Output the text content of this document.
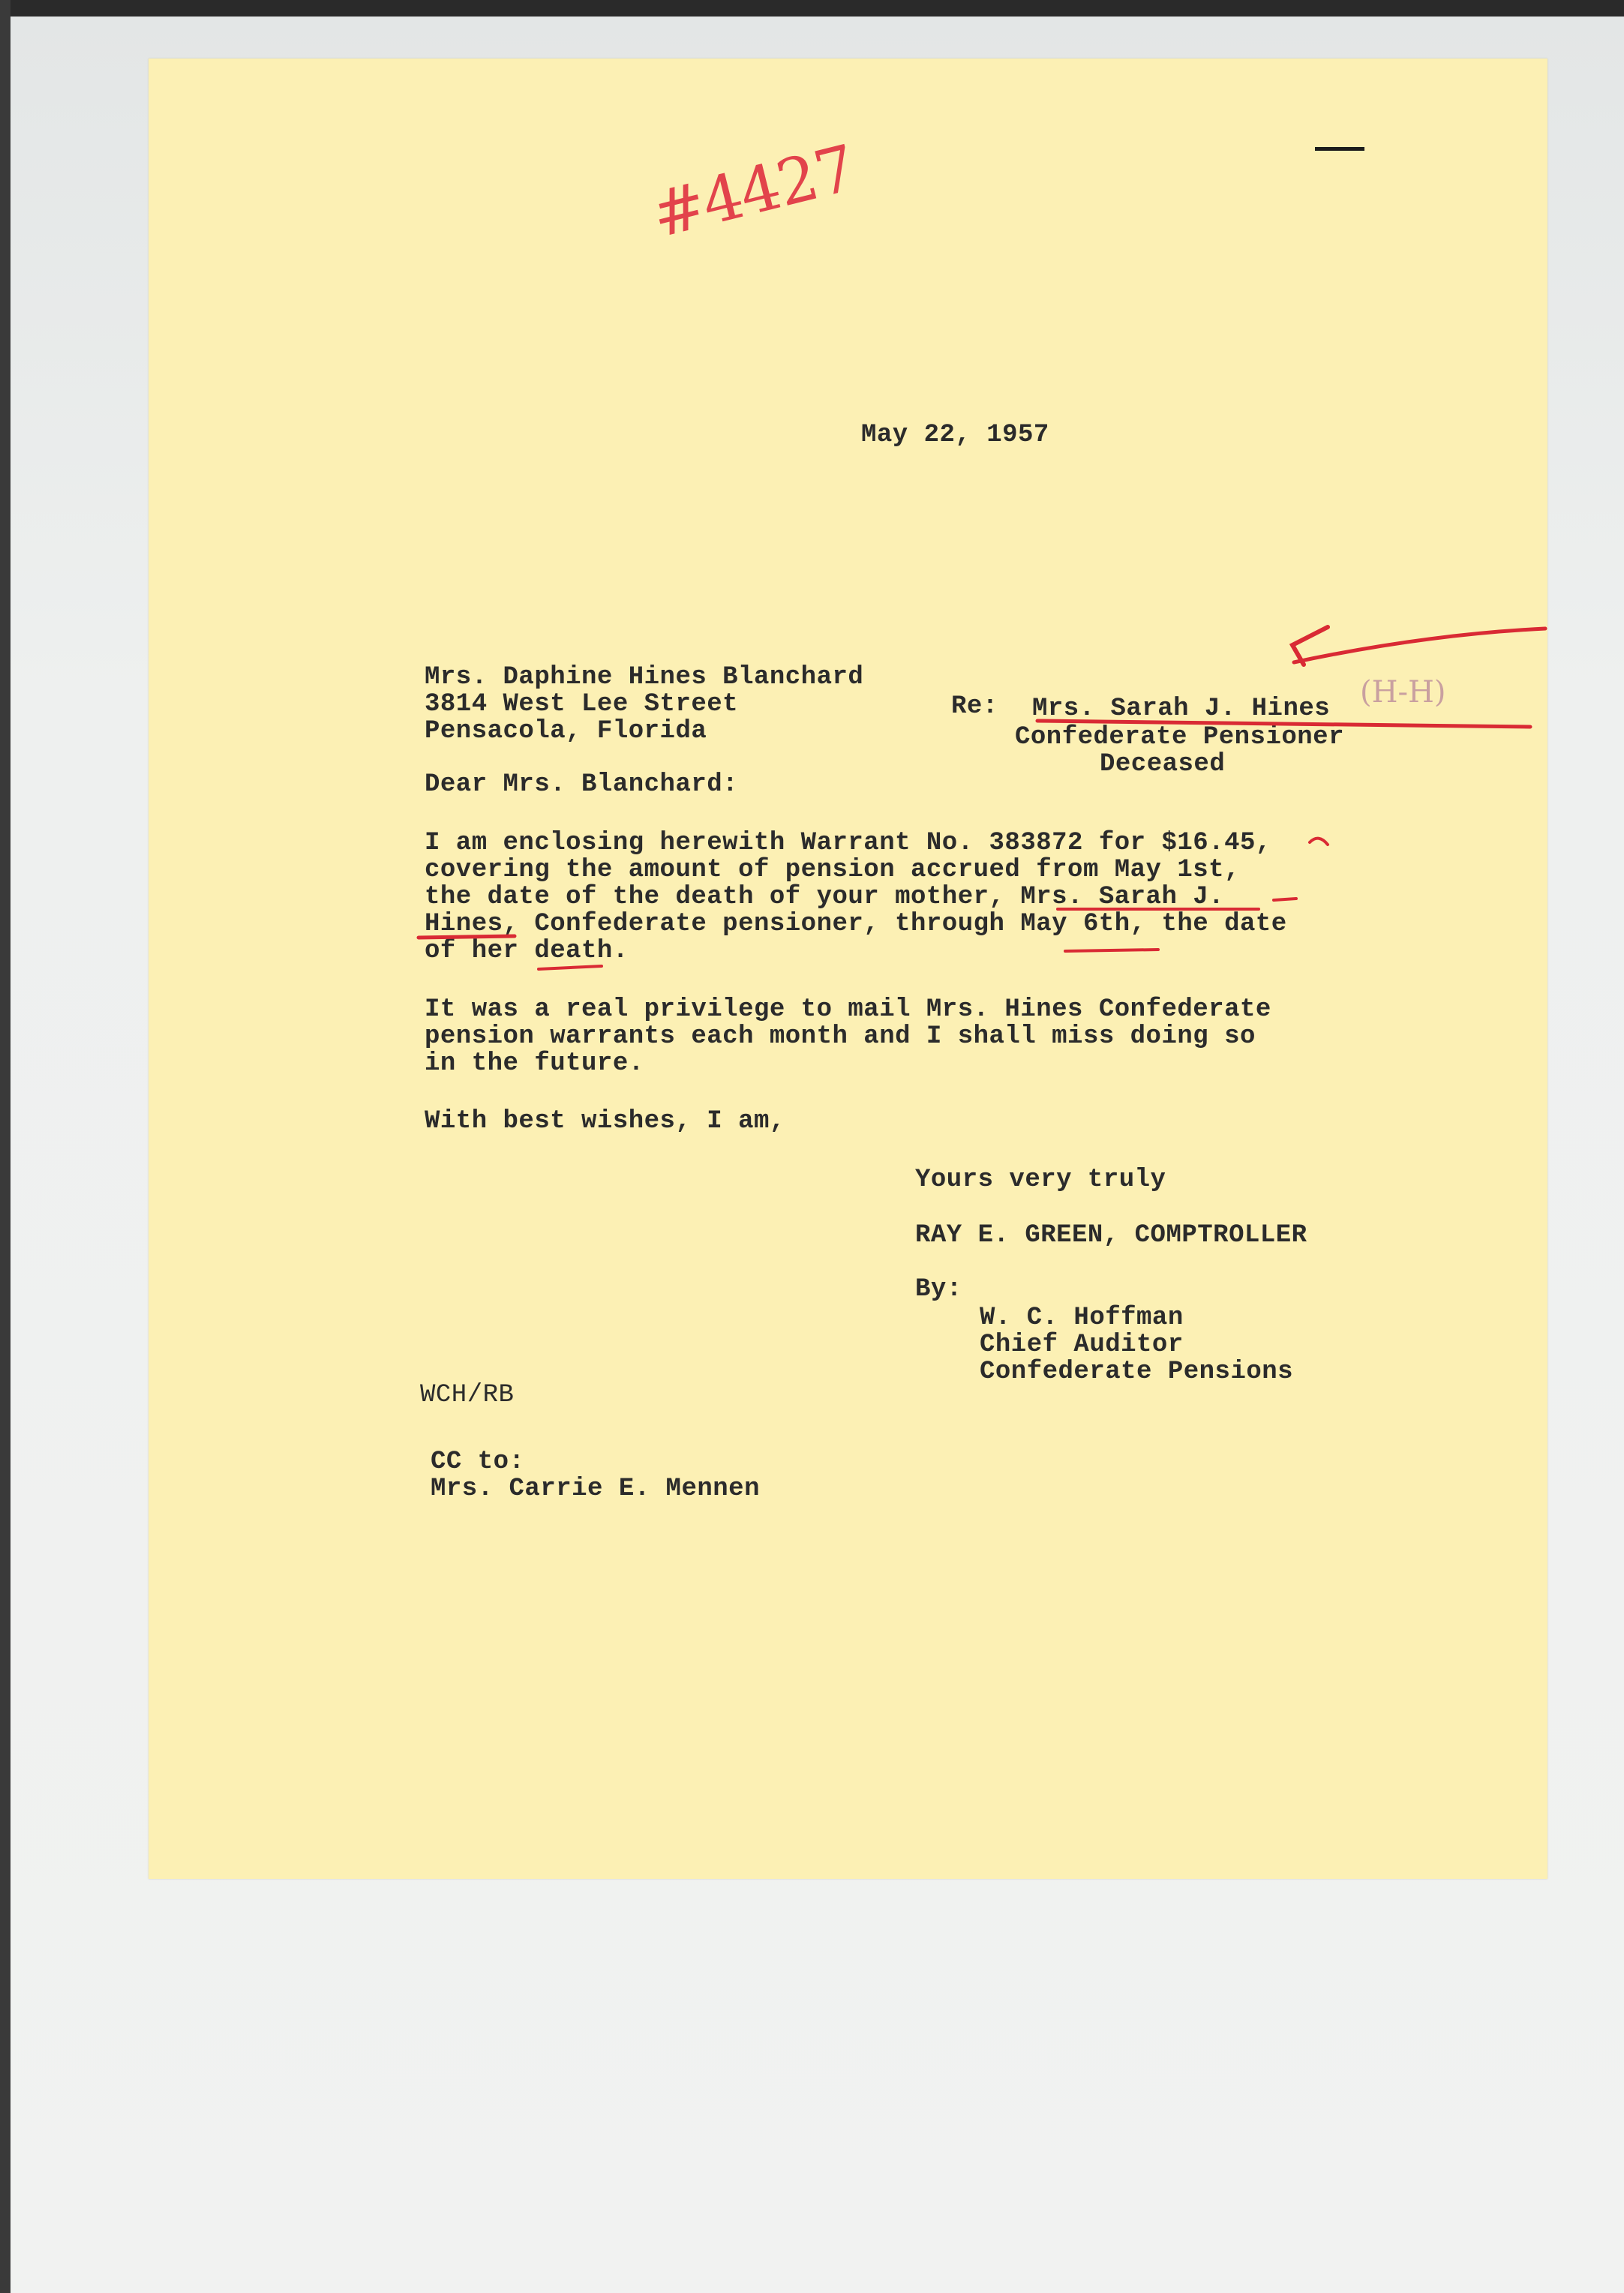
#4427
May 22, 1957
Mrs. Daphine Hines Blanchard
3814 West Lee Street
Pensacola, Florida
Re: Mrs. Sarah J. Hines (H-H)
Confederate Pensioner
Deceased
Dear Mrs. Blanchard:
I am enclosing herewith Warrant No. 383872 for $16.45,
covering the amount of pension accrued from May 1st,
the date of the death of your mother, Mrs. Sarah J.
Hines, Confederate pensioner, through May 6th, the date
of her death.
It was a real privilege to mail Mrs. Hines Confederate
pension warrants each month and I shall miss doing so
in the future.
With best wishes, I am,
Yours very truly
RAY E. GREEN, COMPTROLLER
By:
W. C. Hoffman
Chief Auditor
Confederate Pensions
WCH/RB
CC to:
Mrs. Carrie E. Mennen
